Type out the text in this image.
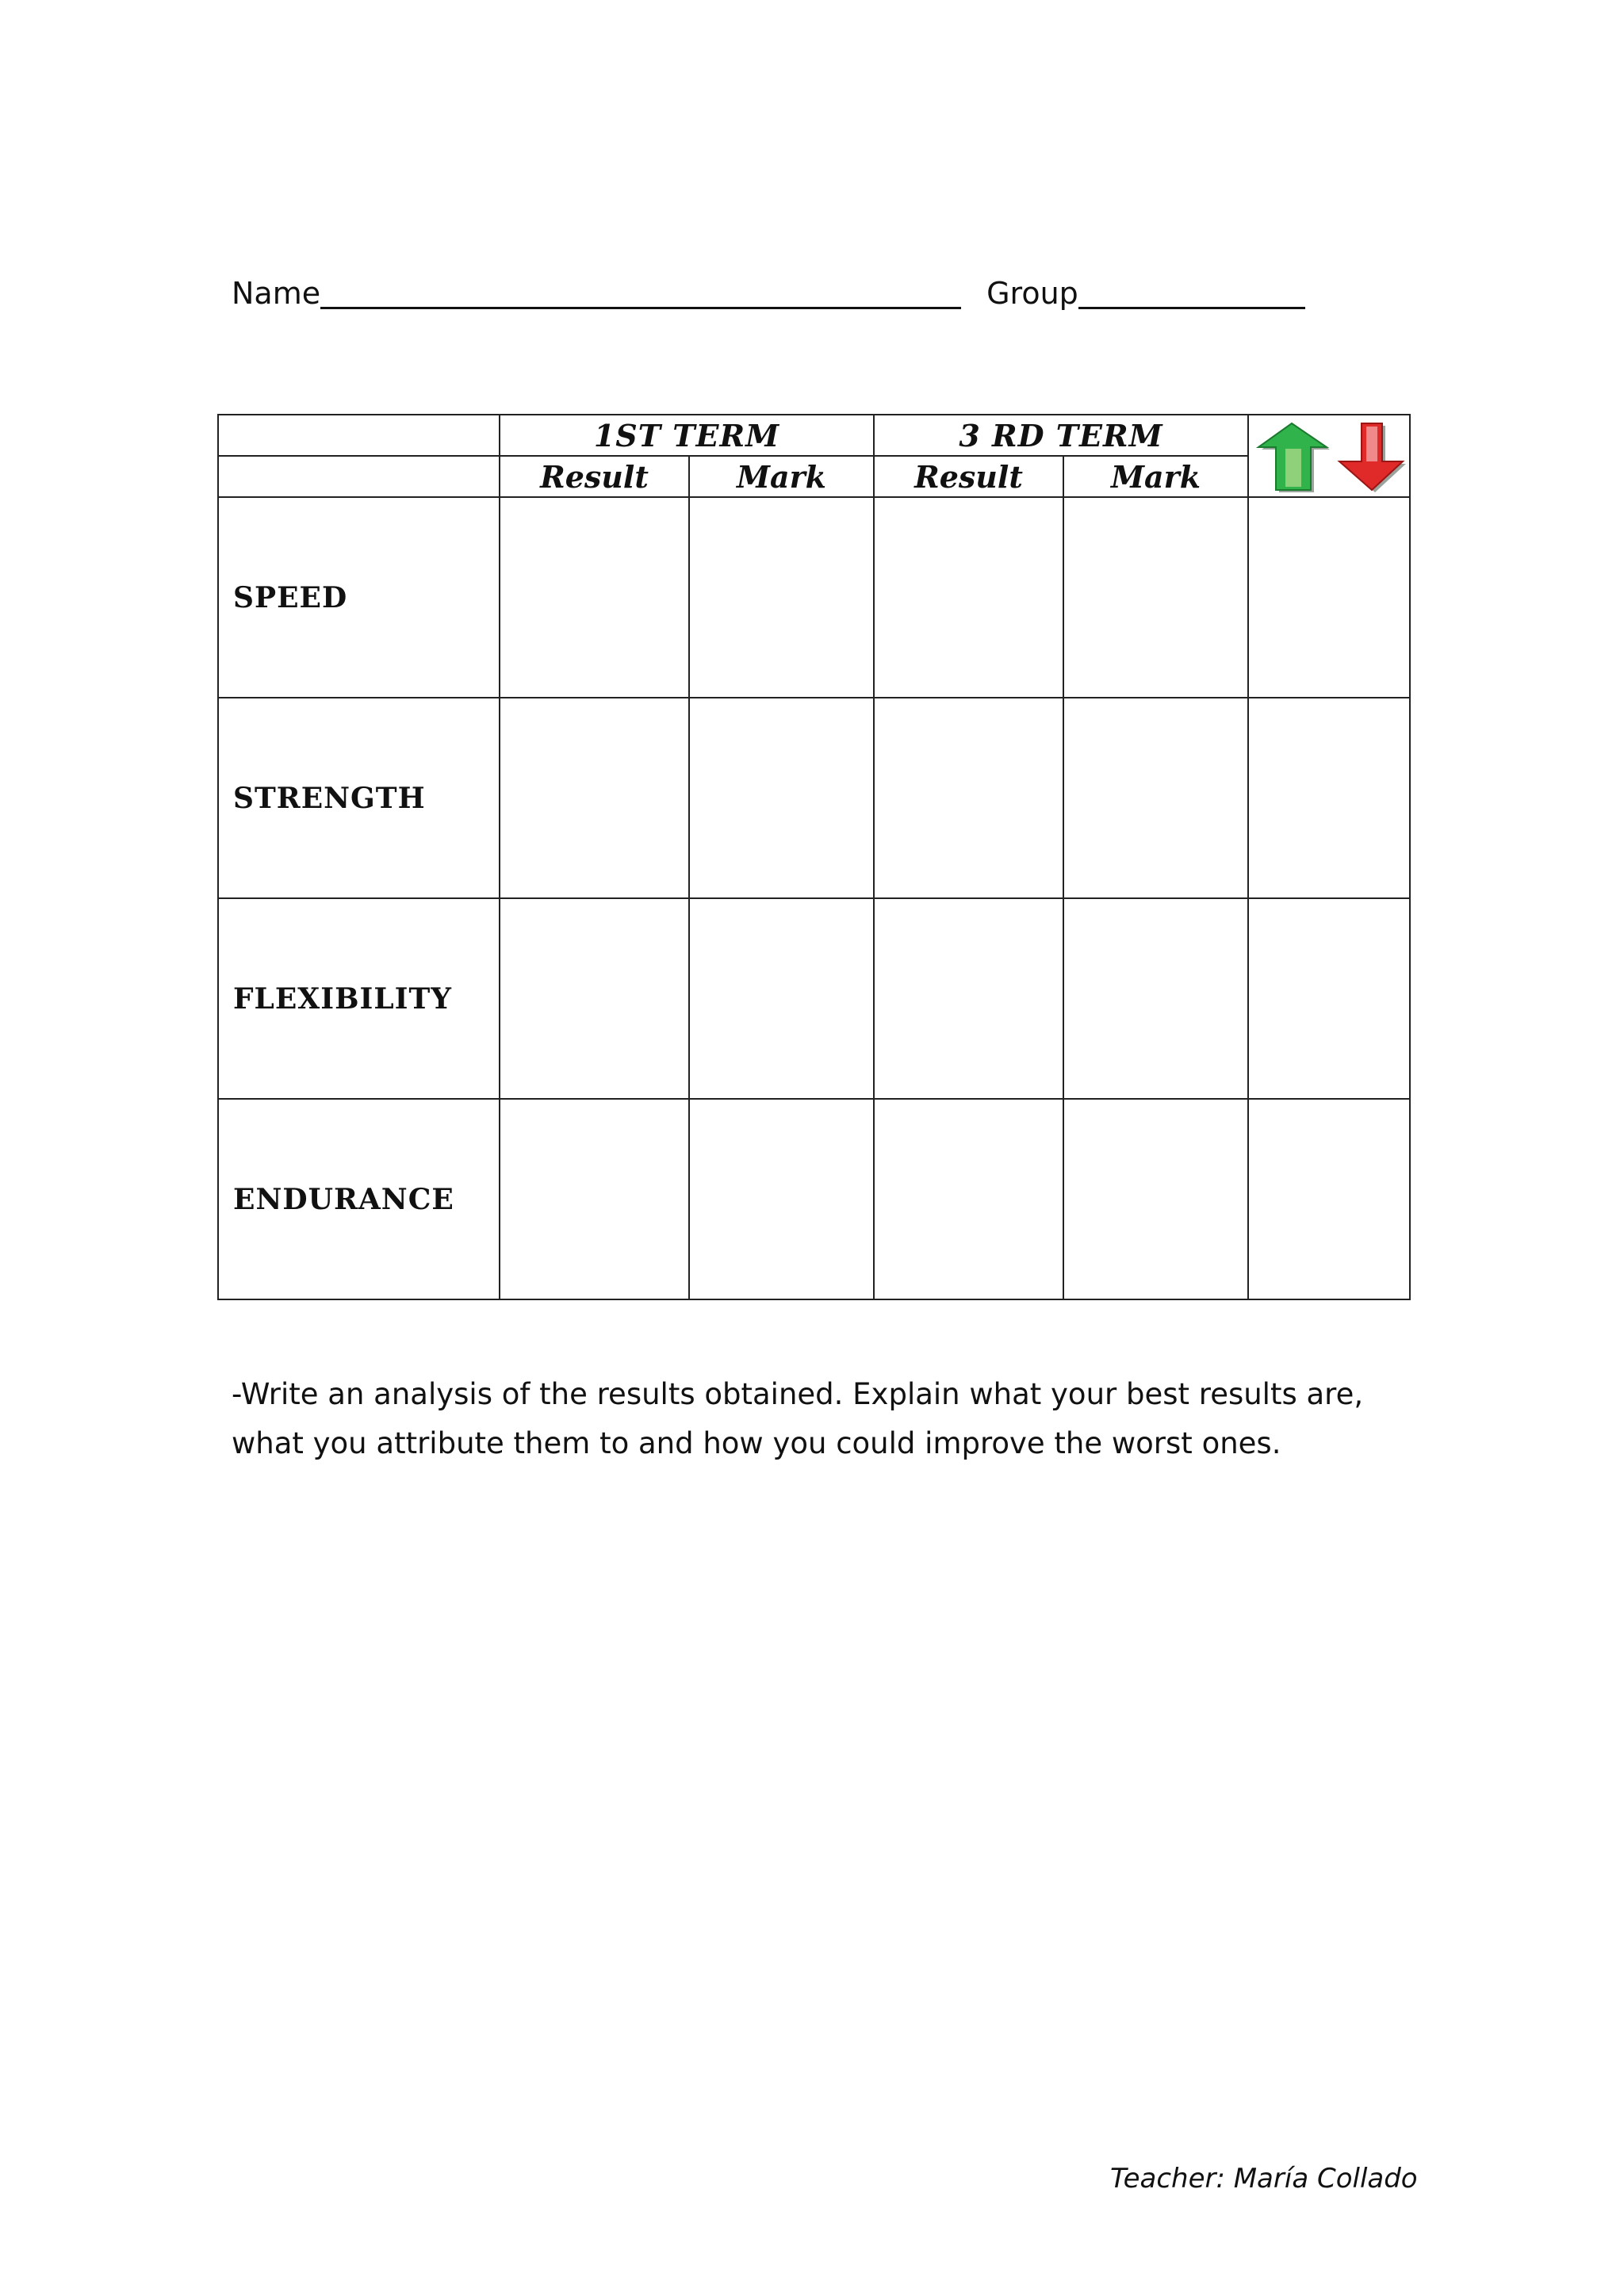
Name	Group
	1ST TERM		3 RD TERM	

	Result	Mark	Result	Mark	
SPEED					
STRENGTH					
FLEXIBILITY					
ENDURANCE					
-Write an analysis of the results obtained. Explain what your best results are,
what you attribute them to and how you could improve the worst ones.
Teacher: María Collado
